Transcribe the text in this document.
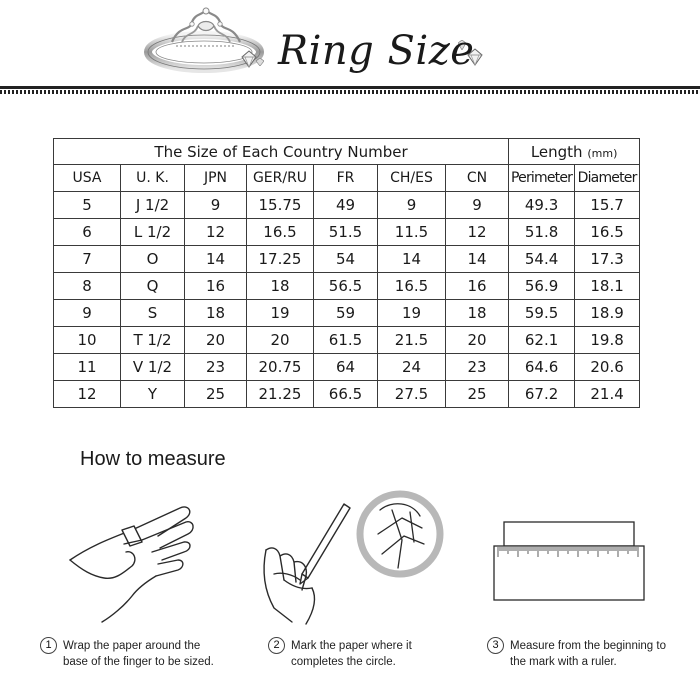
Ring Size
The Size of Each Country Number							Length (mm)	
USA	U. K.	JPN	GER/RU	FR	CH/ES	CN	Perimeter	Diameter
5	J 1/2	9	15.75	49	9	9	49.3	15.7
6	L 1/2	12	16.5	51.5	11.5	12	51.8	16.5
7	O	14	17.25	54	14	14	54.4	17.3
8	Q	16	18	56.5	16.5	16	56.9	18.1
9	S	18	19	59	19	18	59.5	18.9
10	T 1/2	20	20	61.5	21.5	20	62.1	19.8
11	V 1/2	23	20.75	64	24	23	64.6	20.6
12	Y	25	21.25	66.5	27.5	25	67.2	21.4
How to measure
1 Wrap the paper around the
base of the finger to be sized.
2 Mark the paper where it
completes the circle.
3 Measure from the beginning to
the mark with a ruler.
